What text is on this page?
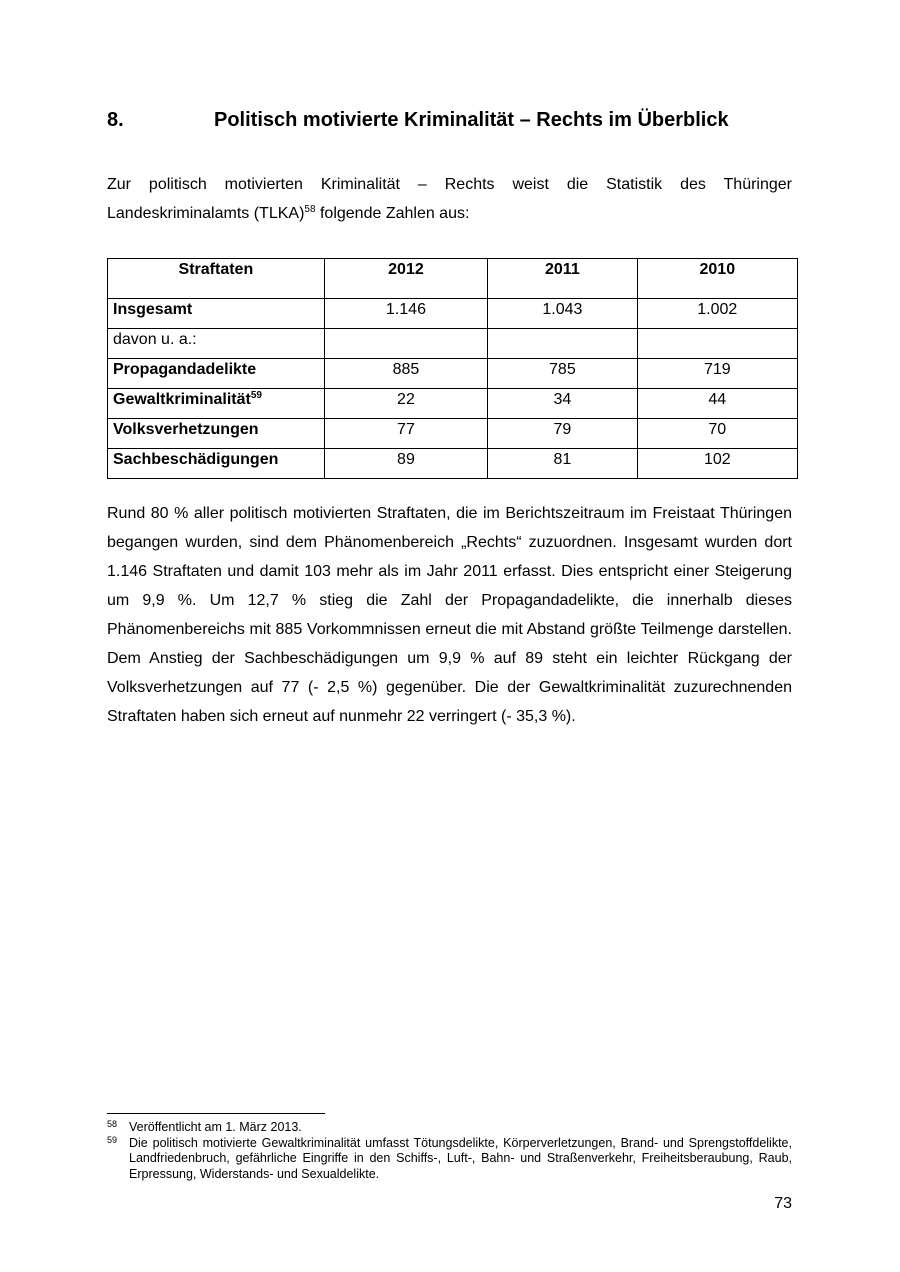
8.	Politisch motivierte Kriminalität – Rechts im Überblick

Zur politisch motivierten Kriminalität – Rechts weist die Statistik des Thüringer Landeskriminalamts (TLKA)$^{58}$ folgende Zahlen aus:

Straftaten	2012	2011	2010
Insgesamt	1.146	1.043	1.002
davon u. a.:			
Propagandadelikte	885	785	719
Gewaltkriminalität$^{59}$	22	34	44
Volksverhetzungen	77	79	70
Sachbeschädigungen	89	81	102

Rund 80 % aller politisch motivierten Straftaten, die im Berichtszeitraum im Freistaat Thüringen begangen wurden, sind dem Phänomenbereich „Rechts“ zuzuordnen. Insgesamt wurden dort 1.146 Straftaten und damit 103 mehr als im Jahr 2011 erfasst. Dies entspricht einer Steigerung um 9,9 %. Um 12,7 % stieg die Zahl der Propagandadelikte, die innerhalb dieses Phänomenbereichs mit 885 Vorkommnissen erneut die mit Abstand größte Teilmenge darstellen. Dem Anstieg der Sachbeschädigungen um 9,9 % auf 89 steht ein leichter Rückgang der Volksverhetzungen auf 77 (- 2,5 %) gegenüber. Die der Gewaltkriminalität zuzurechnenden Straftaten haben sich erneut auf nunmehr 22 verringert (- 35,3 %).

58 Veröffentlicht am 1. März 2013.
59 Die politisch motivierte Gewaltkriminalität umfasst Tötungsdelikte, Körperverletzungen, Brand- und Sprengstoffdelikte, Landfriedenbruch, gefährliche Eingriffe in den Schiffs-, Luft-, Bahn- und Straßenverkehr, Freiheitsberaubung, Raub, Erpressung, Widerstands- und Sexualdelikte.
73
